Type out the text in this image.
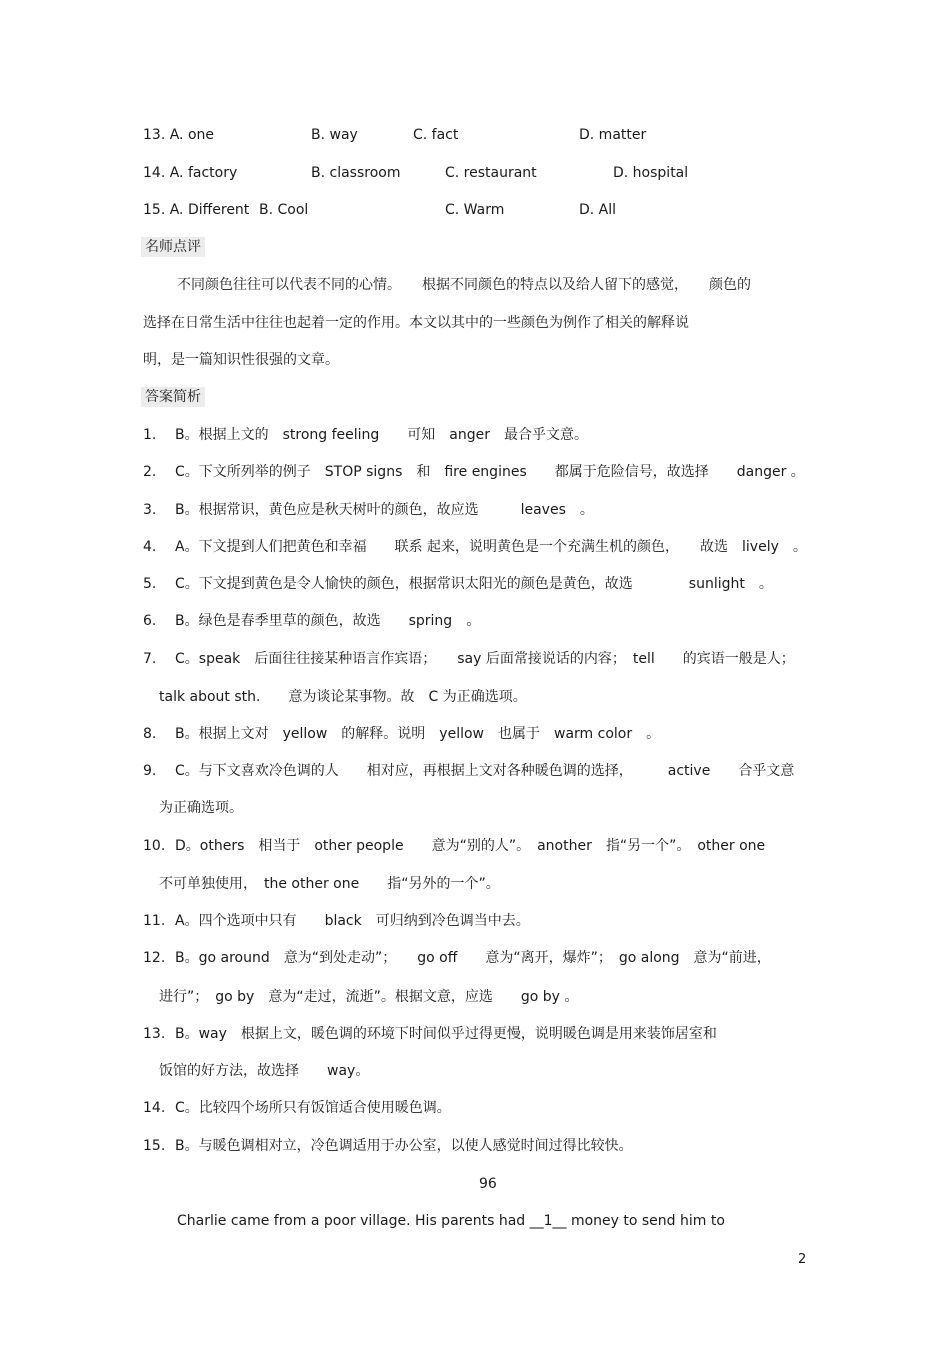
13. A. one	B. way	C. fact	D. matter
14. A. factory	B. classroom	C. restaurant	D. hospital
15. A. Different B. Cool	C. Warm	D. All
名师点评
不同颜色往往可以代表不同的心情。　　根据不同颜色的特点以及给人留下的感觉，　　颜色的
选择在日常生活中往往也起着一定的作用。本文以其中的一些颜色为例作了相关的解释说
明，是一篇知识性很强的文章。
答案简析
1. B。根据上文的　strong feeling　　可知　anger　最合乎文意。
2. C。下文所列举的例子　STOP signs　和　fire engines　　都属于危险信号，故选择　　danger 。
3. B。根据常识，黄色应是秋天树叶的颜色，故应选　　　leaves　。
4. A。下文提到人们把黄色和幸福　　联系 起来，说明黄色是一个充满生机的颜色，　　故选　lively　。
5. C。下文提到黄色是令人愉快的颜色，根据常识太阳光的颜色是黄色，故选　　　　sunlight　。
6. B。绿色是春季里草的颜色，故选　　spring　。
7. C。speak　后面往往接某种语言作宾语；　　say 后面常接说话的内容；　tell　　的宾语一般是人；
talk about sth.　　意为谈论某事物。故　C 为正确选项。
8. B。根据上文对　yellow　的解释。说明　yellow　也属于　warm color　。
9. C。与下文喜欢冷色调的人　　相对应，再根据上文对各种暖色调的选择，　　　active　　合乎文意
为正确选项。
10. D。others　相当于　other people　　意为“别的人”。　another　指“另一个”。　other one
不可单独使用，　the other one　　指“另外的一个”。
11. A。四个选项中只有　　black　可归纳到冷色调当中去。
12. B。go around　意为“到处走动”；　　go off　　意为“离开，爆炸”；　go along　意为“前进，
进行”；　go by　意为“走过，流逝”。根据文意，应选　　go by 。
13. B。way　根据上文，暖色调的环境下时间似乎过得更慢，说明暖色调是用来装饰居室和
饭馆的好方法，故选择　　way。
14. C。比较四个场所只有饭馆适合使用暖色调。
15. B。与暖色调相对立，冷色调适用于办公室，以使人感觉时间过得比较快。
96
Charlie came from a poor village. His parents had __1__ money to send him to
2
